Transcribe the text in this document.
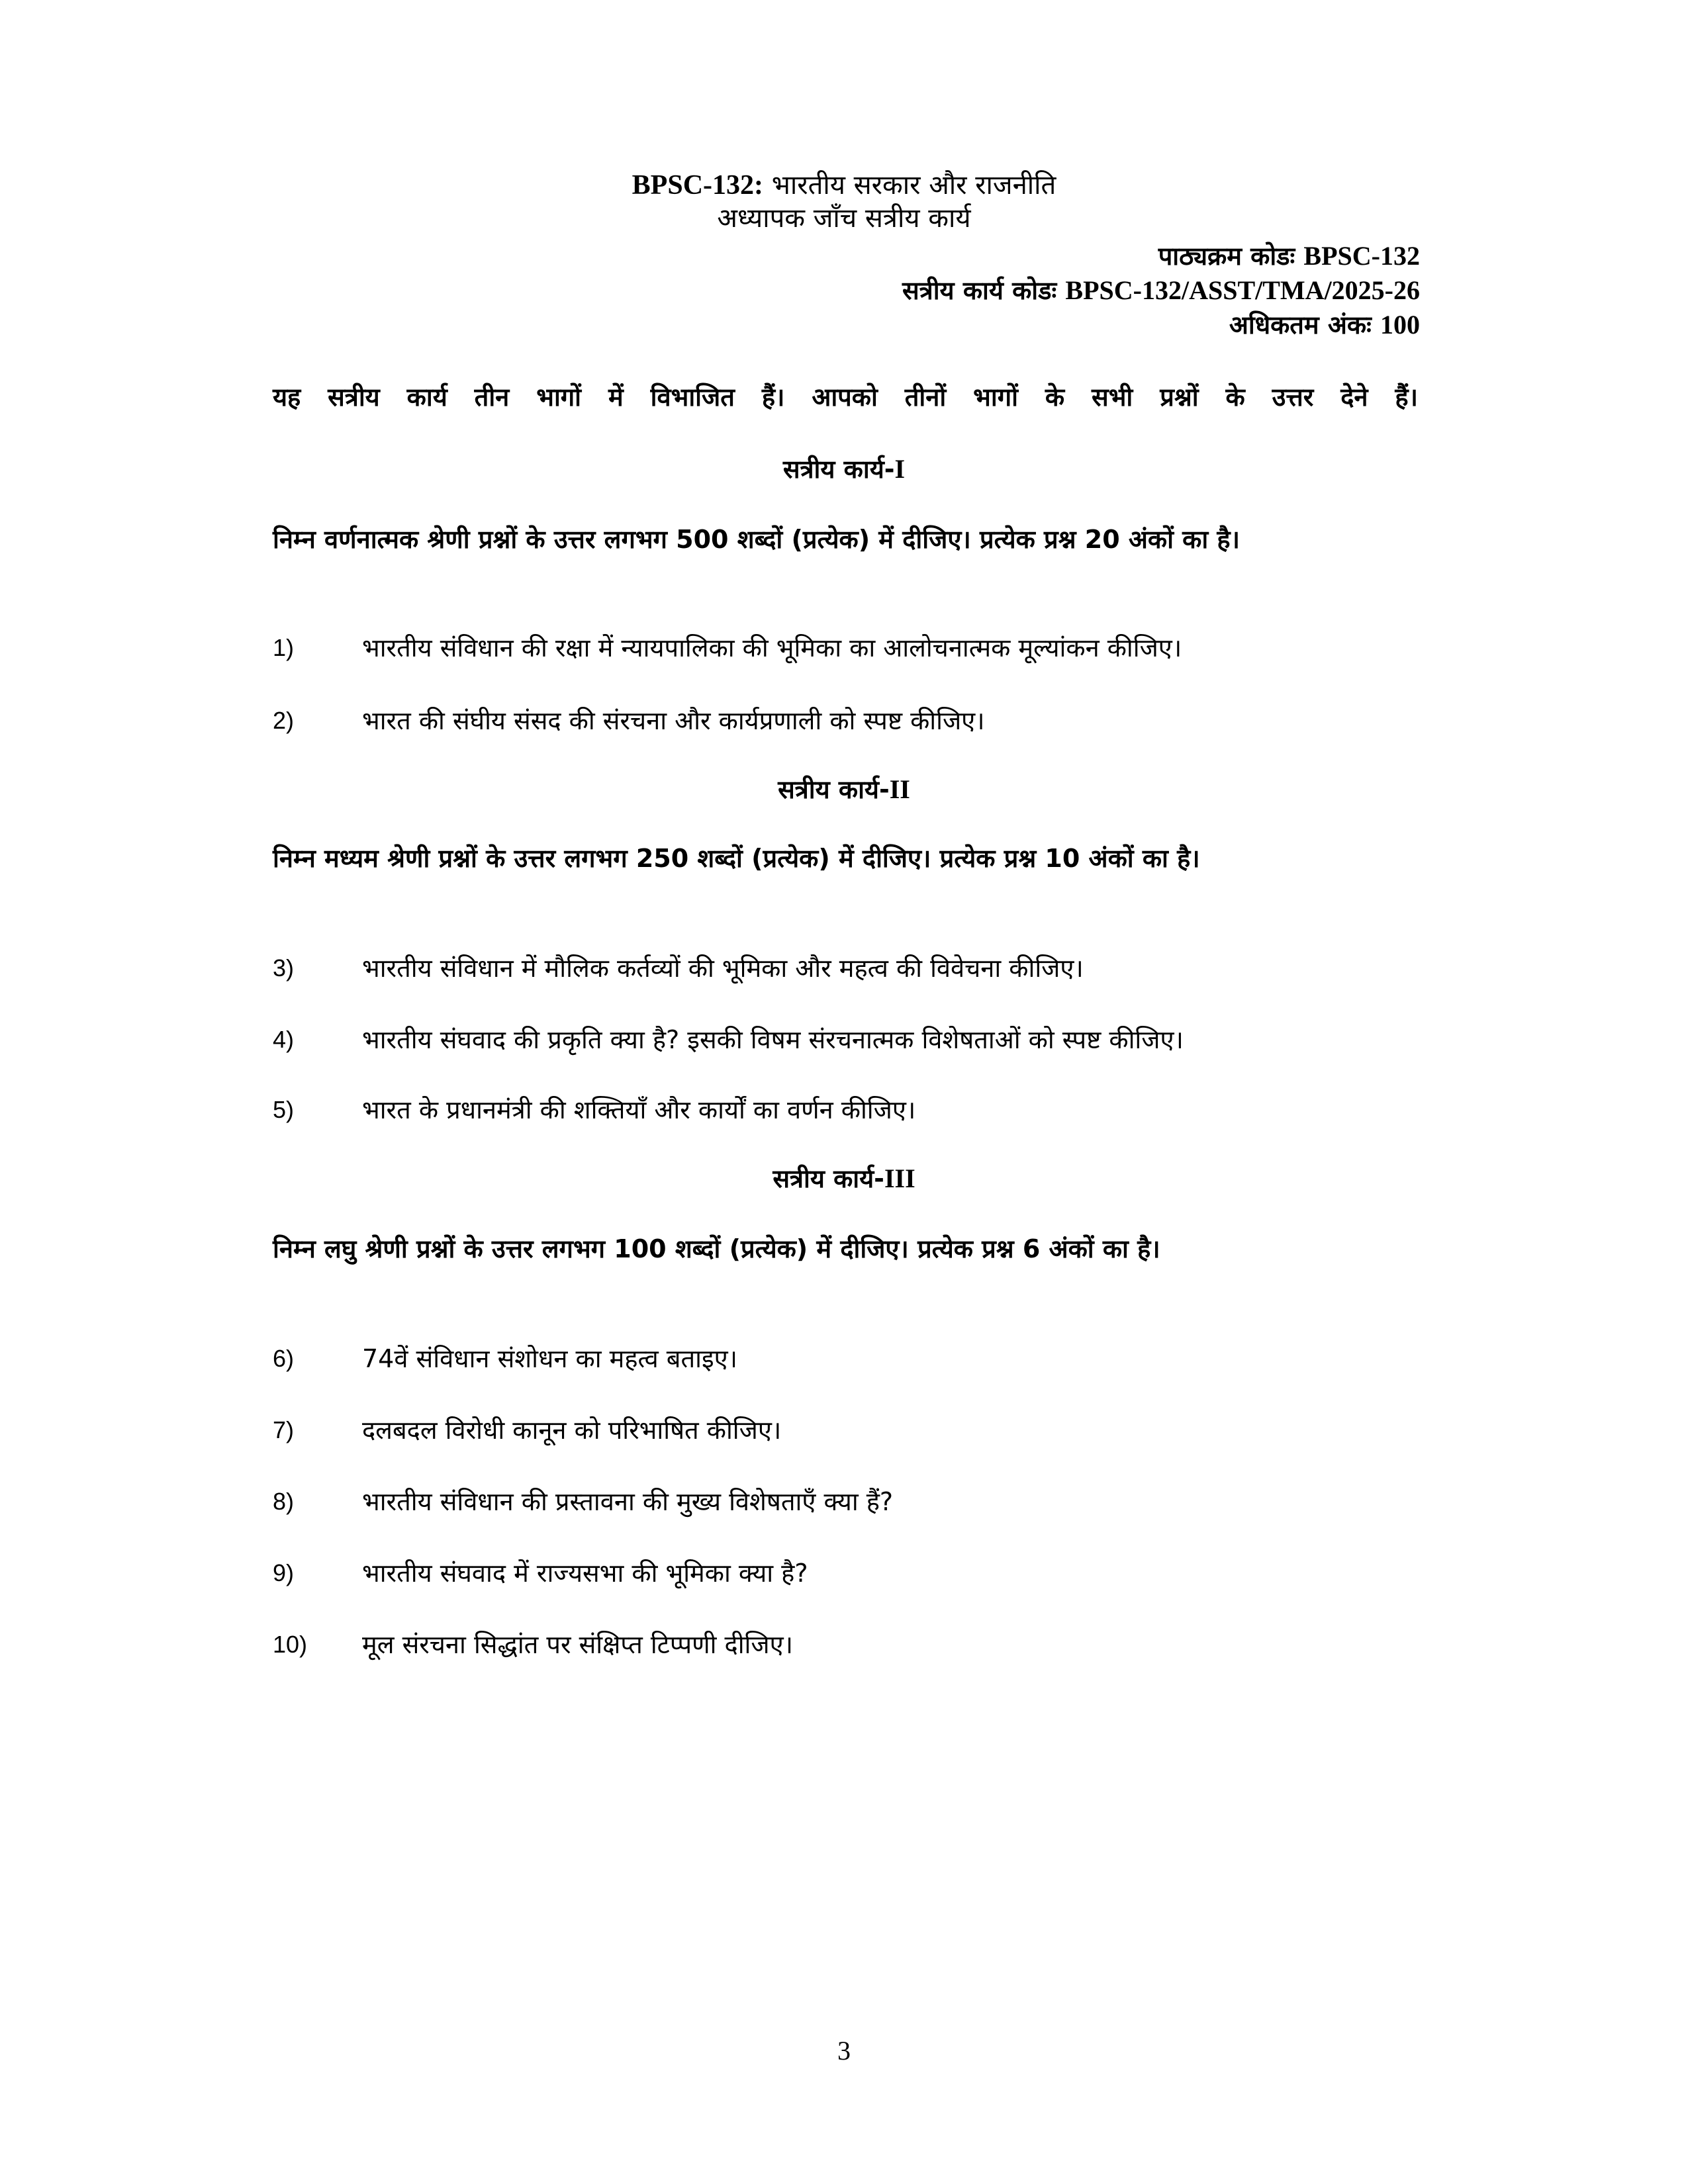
BPSC-132: भारतीय सरकार और राजनीति
अध्यापक जाँच सत्रीय कार्य
पाठ्यक्रम कोडः BPSC-132
सत्रीय कार्य कोडः BPSC-132/ASST/TMA/2025-26
अधिकतम अंकः 100
यह सत्रीय कार्य तीन भागों में विभाजित हैं। आपको तीनों भागों के सभी प्रश्नों के उत्तर देने हैं।
सत्रीय कार्य-I
निम्न वर्णनात्मक श्रेणी प्रश्नों के उत्तर लगभग 500 शब्दों (प्रत्येक) में दीजिए। प्रत्येक प्रश्न 20 अंकों का है।
1)	भारतीय संविधान की रक्षा में न्यायपालिका की भूमिका का आलोचनात्मक मूल्यांकन कीजिए।
2)	भारत की संघीय संसद की संरचना और कार्यप्रणाली को स्पष्ट कीजिए।
सत्रीय कार्य-II
निम्न मध्यम श्रेणी प्रश्नों के उत्तर लगभग 250 शब्दों (प्रत्येक) में दीजिए। प्रत्येक प्रश्न 10 अंकों का है।
3)	भारतीय संविधान में मौलिक कर्तव्यों की भूमिका और महत्व की विवेचना कीजिए।
4)	भारतीय संघवाद की प्रकृति क्या है? इसकी विषम संरचनात्मक विशेषताओं को स्पष्ट कीजिए।
5)	भारत के प्रधानमंत्री की शक्तियाँ और कार्यों का वर्णन कीजिए।
सत्रीय कार्य-III
निम्न लघु श्रेणी प्रश्नों के उत्तर लगभग 100 शब्दों (प्रत्येक) में दीजिए। प्रत्येक प्रश्न 6 अंकों का है।
6)	74वें संविधान संशोधन का महत्व बताइए।
7)	दलबदल विरोधी कानून को परिभाषित कीजिए।
8)	भारतीय संविधान की प्रस्तावना की मुख्य विशेषताएँ क्या हैं?
9)	भारतीय संघवाद में राज्यसभा की भूमिका क्या है?
10) मूल संरचना सिद्धांत पर संक्षिप्त टिप्पणी दीजिए।
3
